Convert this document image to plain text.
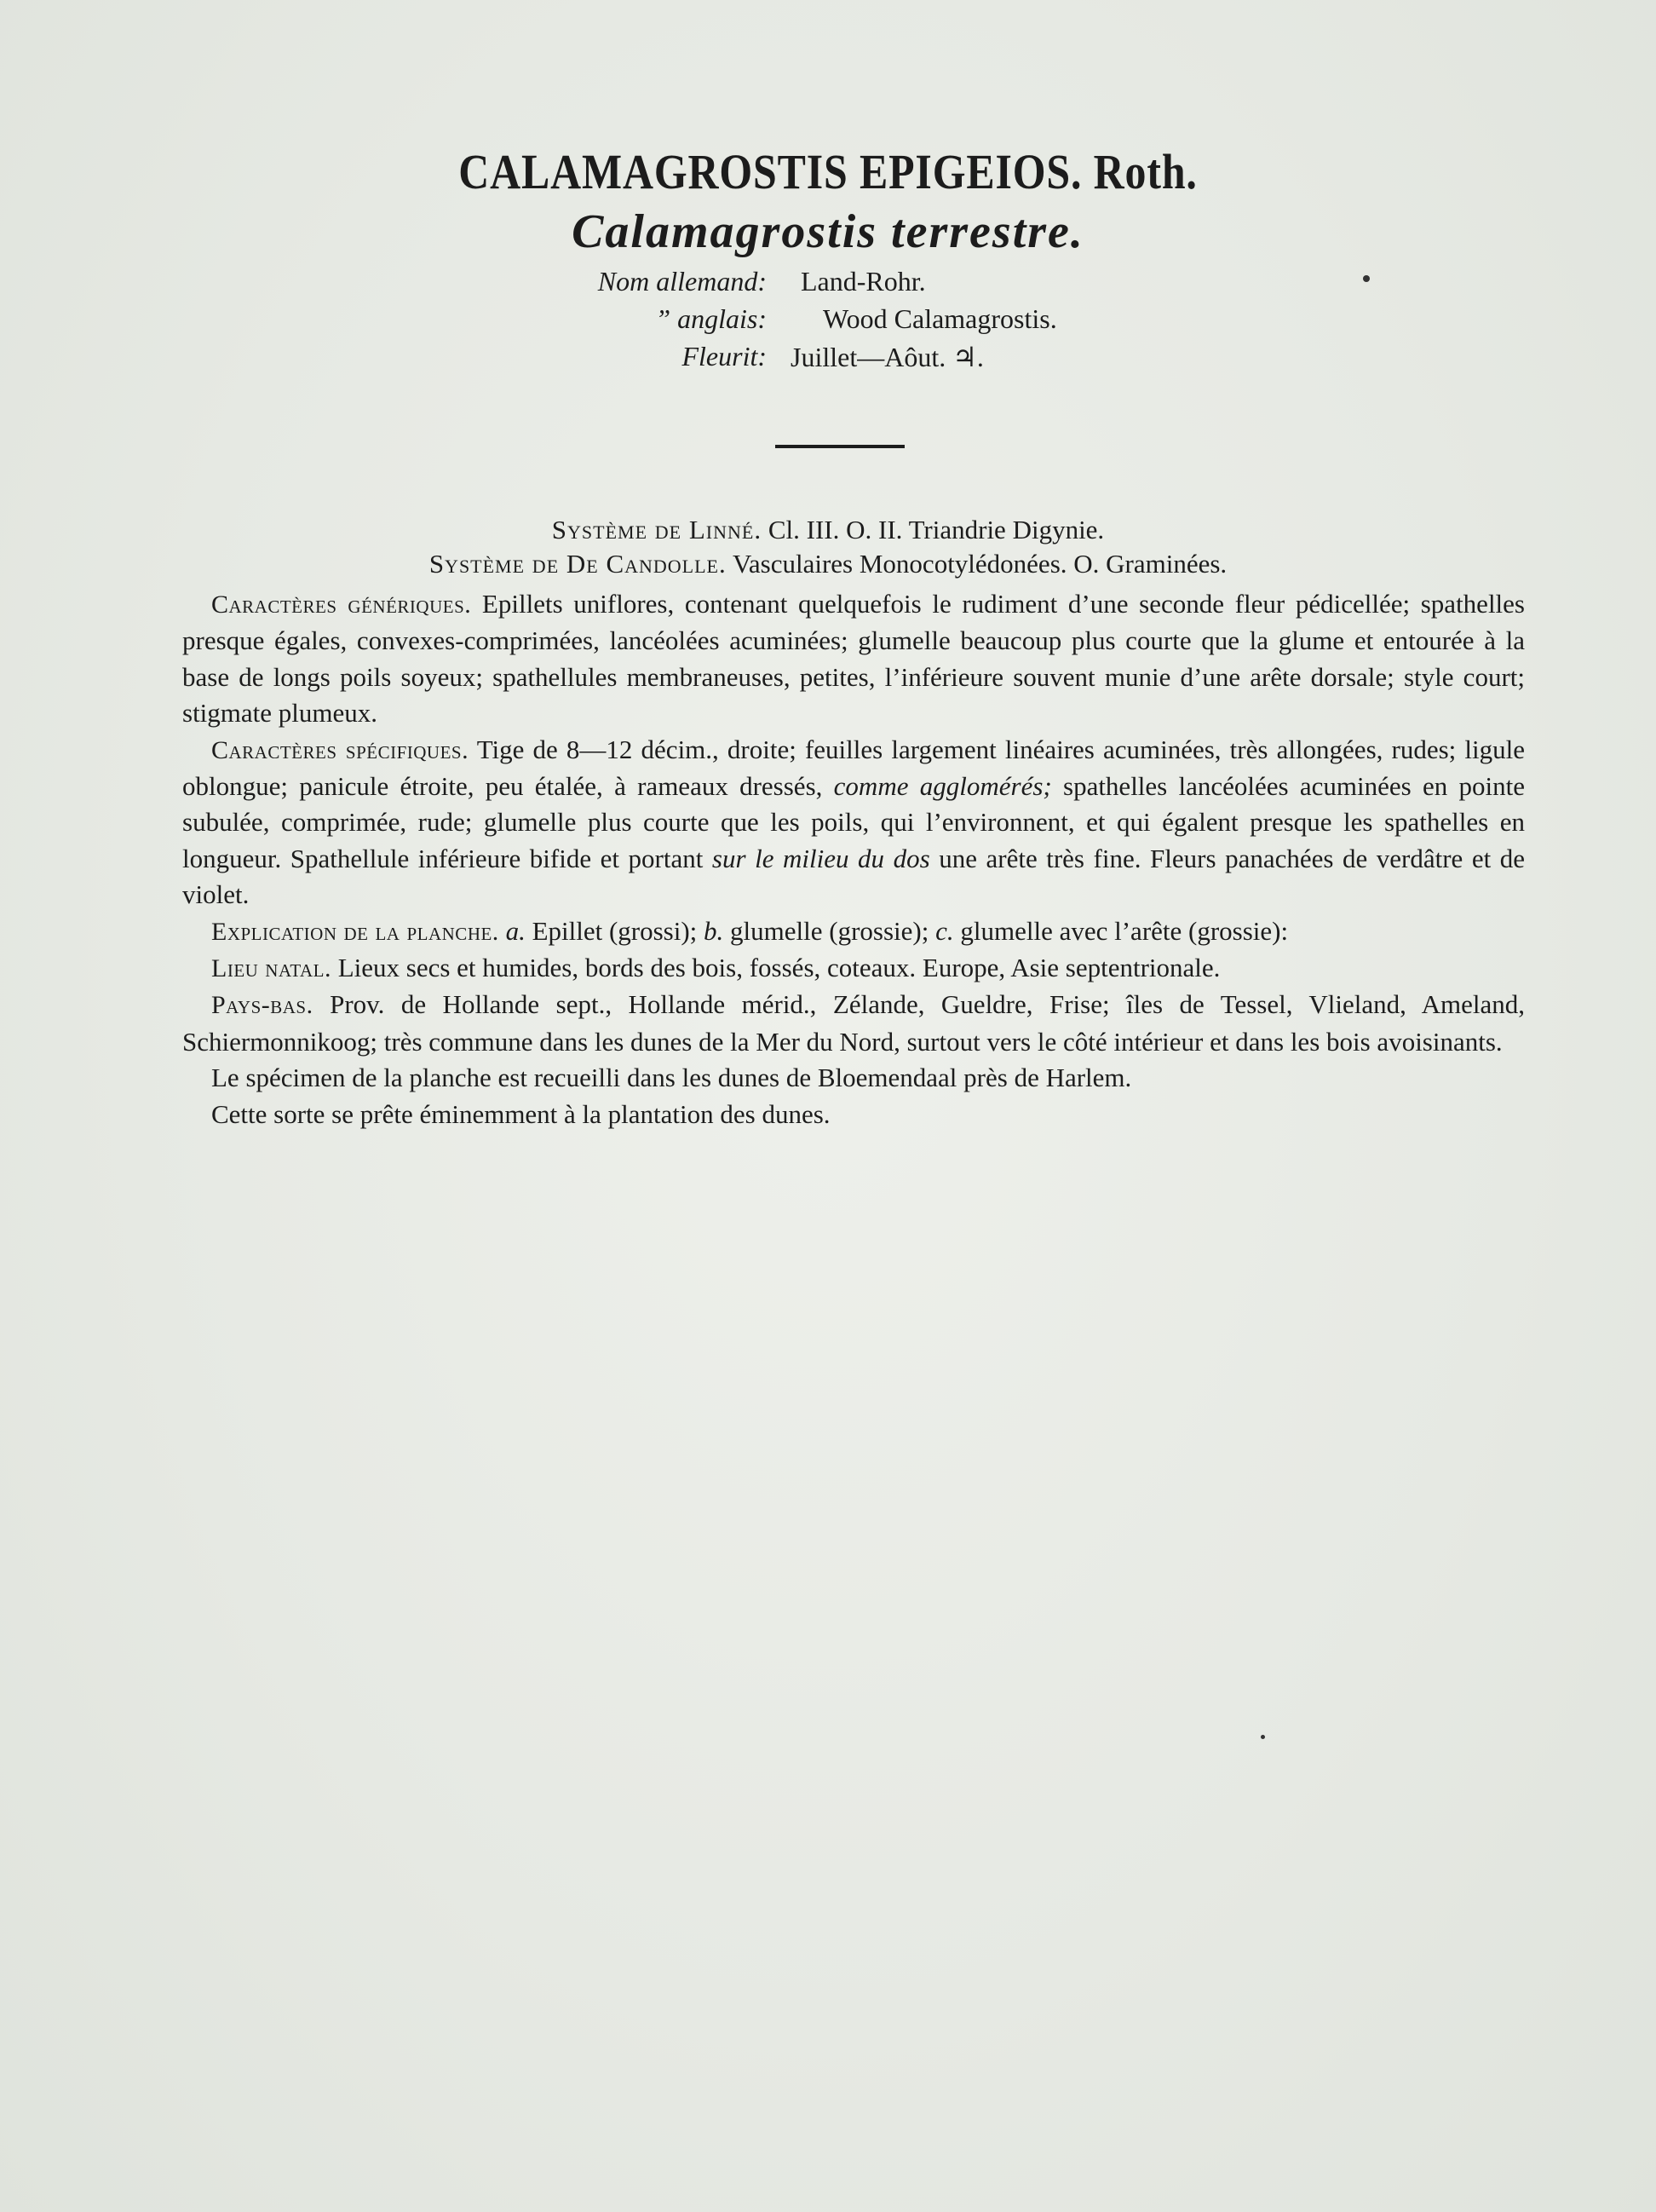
CALAMAGROSTIS EPIGEIOS. Roth.
Calamagrostis terrestre.
Nom allemand: Land-Rohr.
” anglais: Wood Calamagrostis.
Fleurit: Juillet—Aôut. ♃.
Système de Linné. Cl. III. O. II. Triandrie Digynie.
Système de De Candolle. Vasculaires Monocotylédonées. O. Graminées.

Caractères génériques. Epillets uniflores, contenant quelquefois le rudiment d’une seconde fleur pédicellée; spathelles presque égales, convexes-comprimées, lancéolées acuminées; glumelle beaucoup plus courte que la glume et entourée à la base de longs poils soyeux; spathellules membraneuses, petites, l’inférieure souvent munie d’une arête dorsale; style court; stigmate plumeux.

Caractères spécifiques. Tige de 8—12 décim., droite; feuilles largement linéaires acuminées, très allongées, rudes; ligule oblongue; panicule étroite, peu étalée, à rameaux dressés, comme agglomérés; spathelles lancéolées acuminées en pointe subulée, comprimée, rude; glumelle plus courte que les poils, qui l’environnent, et qui égalent presque les spathelles en longueur. Spathellule inférieure bifide et portant sur le milieu du dos une arête très fine. Fleurs panachées de verdâtre et de violet.

Explication de la planche. a. Epillet (grossi); b. glumelle (grossie); c. glumelle avec l’arête (grossie):

Lieu natal. Lieux secs et humides, bords des bois, fossés, coteaux. Europe, Asie septentrionale.

Pays-bas. Prov. de Hollande sept., Hollande mérid., Zélande, Gueldre, Frise; îles de Tessel, Vlieland, Ameland, Schiermonnikoog; très commune dans les dunes de la Mer du Nord, surtout vers le côté intérieur et dans les bois avoisinants.

Le spécimen de la planche est recueilli dans les dunes de Bloemendaal près de Harlem.

Cette sorte se prête éminemment à la plantation des dunes.
